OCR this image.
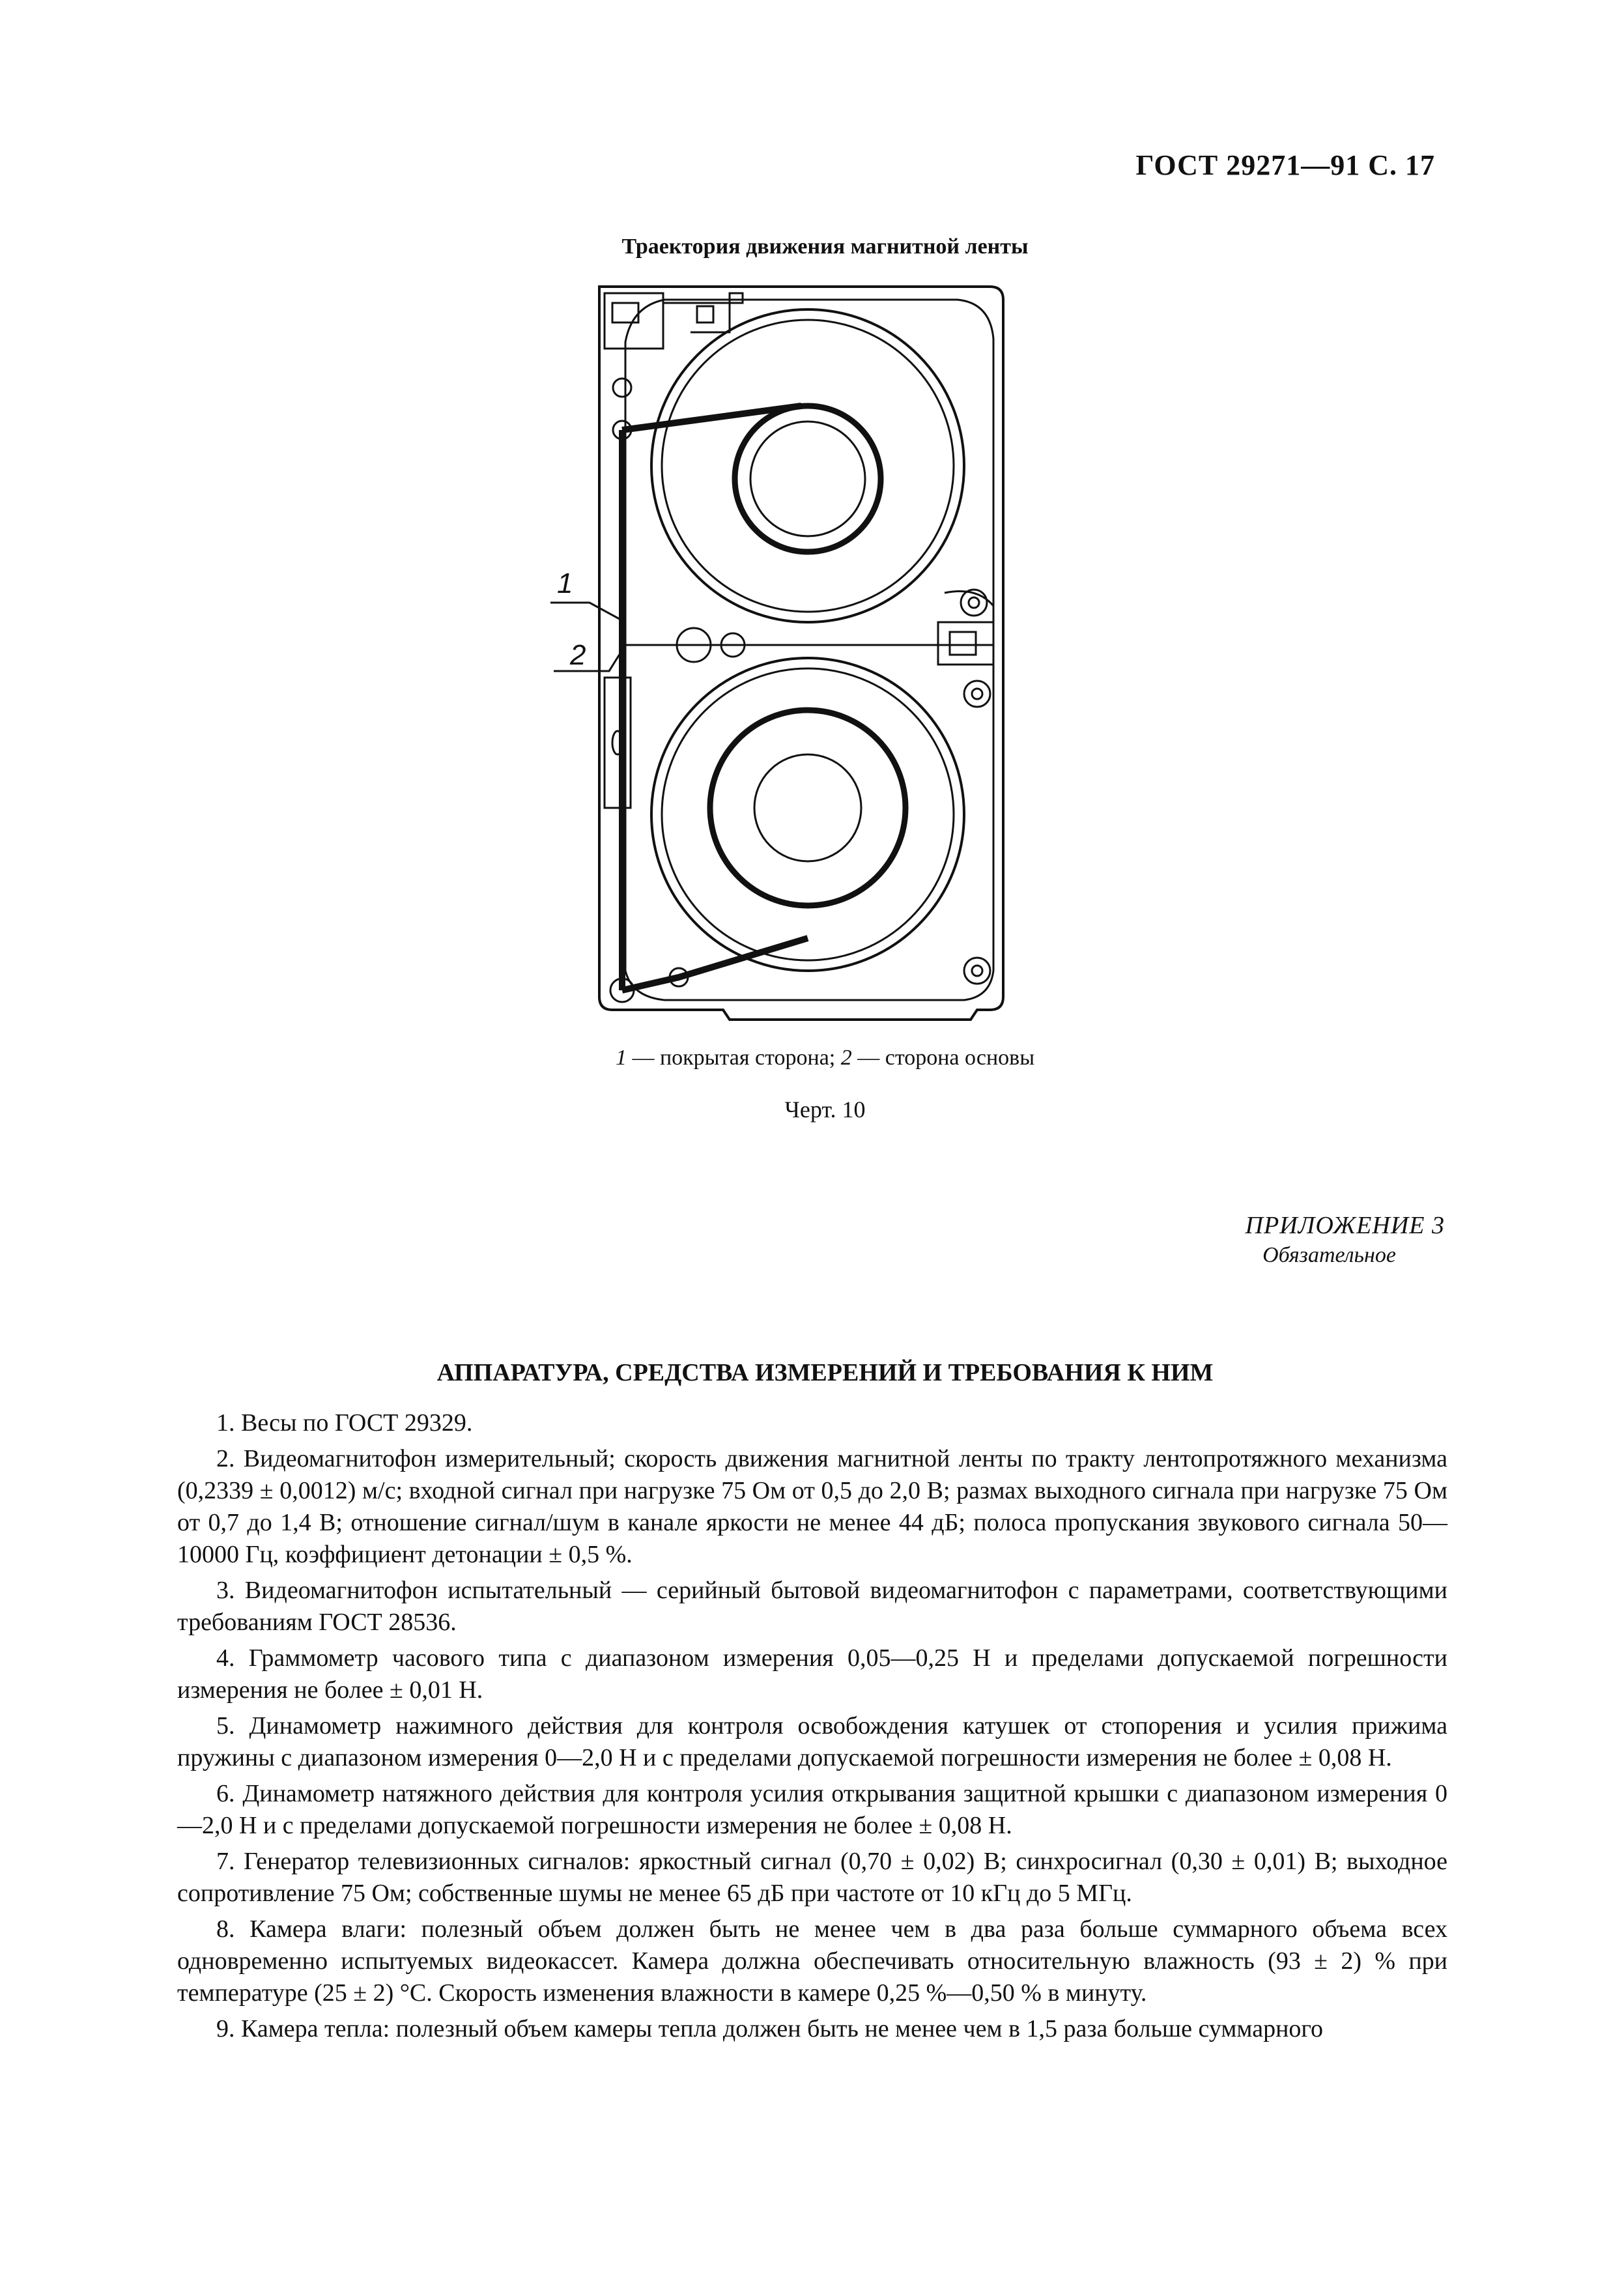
ГОСТ 29271—91 С. 17
Траектория движения магнитной ленты
1
2
1 — покрытая сторона; 2 — сторона основы
Черт. 10
ПРИЛОЖЕНИЕ 3
Обязательное
АППАРАТУРА, СРЕДСТВА ИЗМЕРЕНИЙ И ТРЕБОВАНИЯ К НИМ

1. Весы по ГОСТ 29329.

2. Видеомагнитофон измерительный; скорость движения магнитной ленты по тракту лентопротяжного механизма (0,2339 ± 0,0012) м/с; входной сигнал при нагрузке 75 Ом от 0,5 до 2,0 В; размах выходного сигнала при нагрузке 75 Ом от 0,7 до 1,4 В; отношение сигнал/шум в канале яркости не менее 44 дБ; полоса пропускания звукового сигнала 50—10000 Гц, коэффициент детонации ± 0,5 %.

3. Видеомагнитофон испытательный — серийный бытовой видеомагнитофон с параметрами, соответствующими требованиям ГОСТ 28536.

4. Граммометр часового типа с диапазоном измерения 0,05—0,25 Н и пределами допускаемой погрешности измерения не более ± 0,01 Н.

5. Динамометр нажимного действия для контроля освобождения катушек от стопорения и усилия прижима пружины с диапазоном измерения 0—2,0 Н и с пределами допускаемой погрешности измерения не более ± 0,08 Н.

6. Динамометр натяжного действия для контроля усилия открывания защитной крышки с диапазоном измерения 0—2,0 Н и с пределами допускаемой погрешности измерения не более ± 0,08 Н.

7. Генератор телевизионных сигналов: яркостный сигнал (0,70 ± 0,02) В; синхросигнал (0,30 ± 0,01) В; выходное сопротивление 75 Ом; собственные шумы не менее 65 дБ при частоте от 10 кГц до 5 МГц.

8. Камера влаги: полезный объем должен быть не менее чем в два раза больше суммарного объема всех одновременно испытуемых видеокассет. Камера должна обеспечивать относительную влажность (93 ± 2) % при температуре (25 ± 2) °С. Скорость изменения влажности в камере 0,25 %—0,50 % в минуту.

9. Камера тепла: полезный объем камеры тепла должен быть не менее чем в 1,5 раза больше суммарного
